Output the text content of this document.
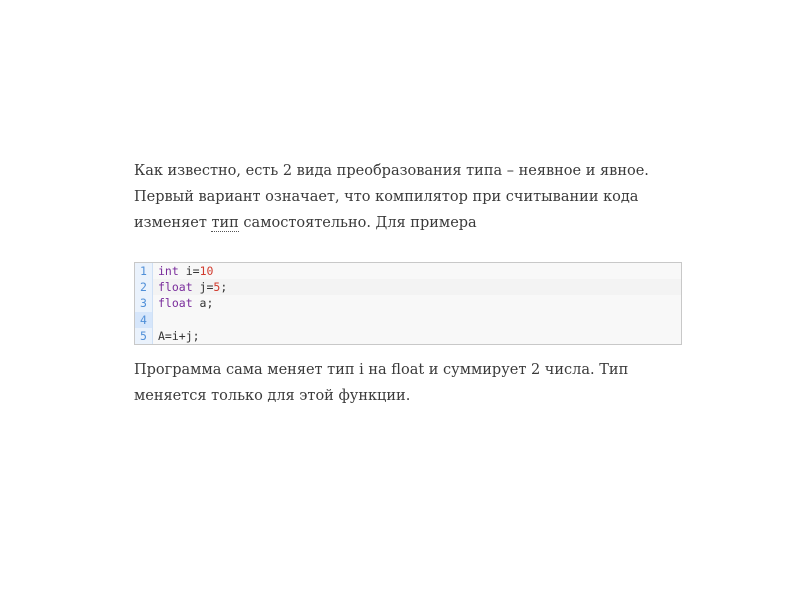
Как известно, есть 2 вида преобразования типа – неявное и явное.
Первый вариант означает, что компилятор при считывании кода
изменяет тип самостоятельно. Для примера

1 int i=10
2 float j=5;
3 float a;
4

5 A=i+j;

Программа сама меняет тип i на float и суммирует 2 числа. Тип
меняется только для этой функции.
